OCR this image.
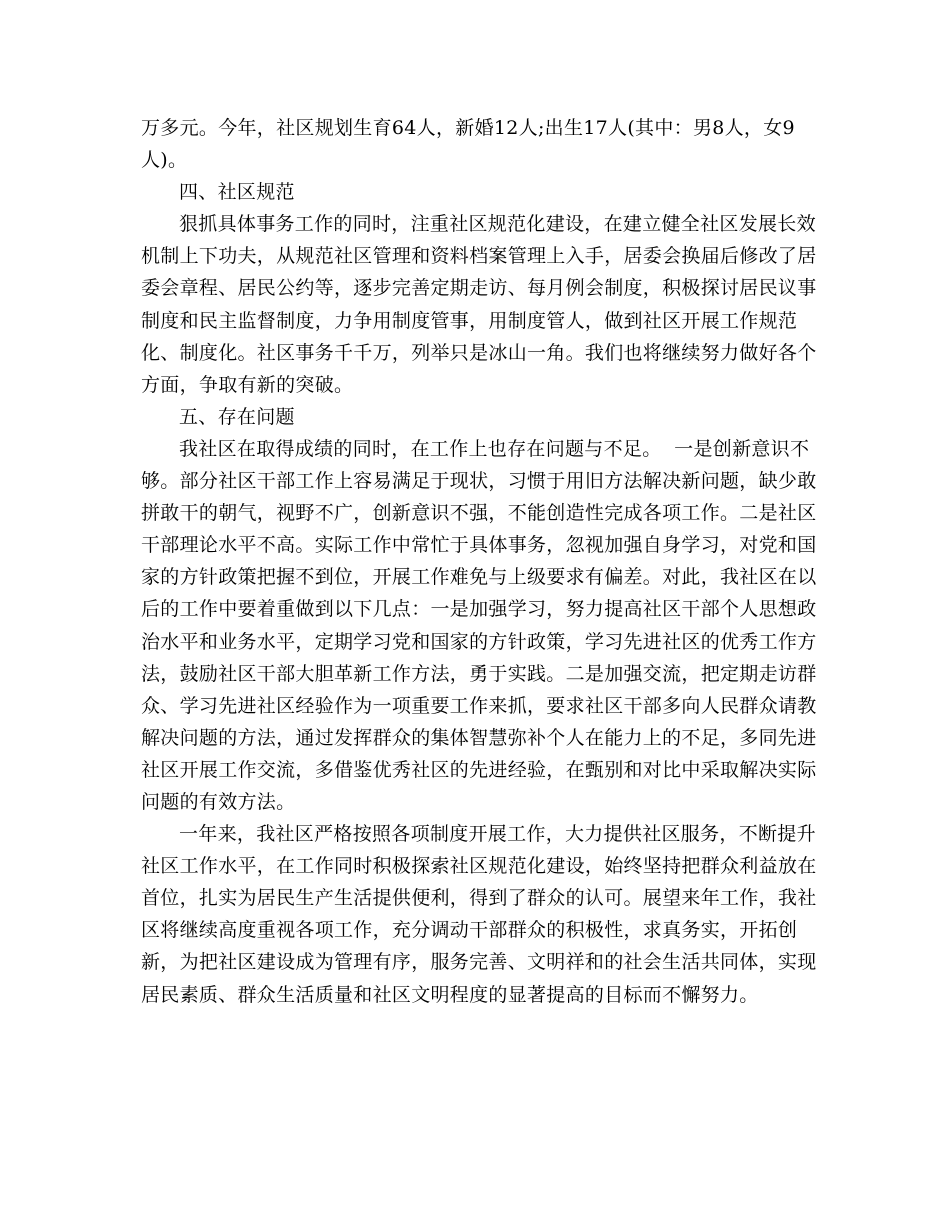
万多元。今年，社区规划生育64人，新婚12人;出生17人(其中：男8人，女9人)。

四、社区规范

狠抓具体事务工作的同时，注重社区规范化建设，在建立健全社区发展长效机制上下功夫，从规范社区管理和资料档案管理上入手，居委会换届后修改了居委会章程、居民公约等，逐步完善定期走访、每月例会制度，积极探讨居民议事制度和民主监督制度，力争用制度管事，用制度管人，做到社区开展工作规范化、制度化。社区事务千千万，列举只是冰山一角。我们也将继续努力做好各个方面，争取有新的突破。

五、存在问题

我社区在取得成绩的同时，在工作上也存在问题与不足。  一是创新意识不够。部分社区干部工作上容易满足于现状，习惯于用旧方法解决新问题，缺少敢拼敢干的朝气，视野不广，创新意识不强，不能创造性完成各项工作。二是社区干部理论水平不高。实际工作中常忙于具体事务，忽视加强自身学习，对党和国家的方针政策把握不到位，开展工作难免与上级要求有偏差。对此，我社区在以后的工作中要着重做到以下几点：一是加强学习，努力提高社区干部个人思想政治水平和业务水平，定期学习党和国家的方针政策，学习先进社区的优秀工作方法，鼓励社区干部大胆革新工作方法，勇于实践。二是加强交流，把定期走访群众、学习先进社区经验作为一项重要工作来抓，要求社区干部多向人民群众请教解决问题的方法，通过发挥群众的集体智慧弥补个人在能力上的不足，多同先进社区开展工作交流，多借鉴优秀社区的先进经验，在甄别和对比中采取解决实际问题的有效方法。

一年来，我社区严格按照各项制度开展工作，大力提供社区服务，不断提升社区工作水平，在工作同时积极探索社区规范化建设，始终坚持把群众利益放在首位，扎实为居民生产生活提供便利，得到了群众的认可。展望来年工作，我社区将继续高度重视各项工作，充分调动干部群众的积极性，求真务实，开拓创新，为把社区建设成为管理有序，服务完善、文明祥和的社会生活共同体，实现居民素质、群众生活质量和社区文明程度的显著提高的目标而不懈努力。
